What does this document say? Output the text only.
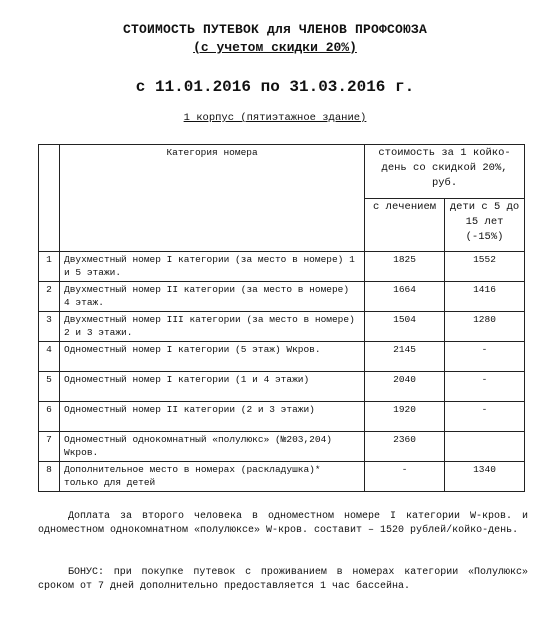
СТОИМОСТЬ ПУТЕВОК для ЧЛЕНОВ ПРОФСОЮЗА
(с учетом скидки 20%)
с 11.01.2016 по 31.03.2016 г.
1 корпус (пятиэтажное здание)
	Категория номера	стоимость за 1 койко-день со скидкой 20%, руб.	
		с лечением	дети с 5 до 15 лет (-15%)
1	Двухместный номер I категории (за место в номере) 1 и 5 этажи.	1825	1552
2	Двухместный номер II категории (за место в номере) 4 этаж.	1664	1416
3	Двухместный номер III категории (за место в номере) 2 и 3 этажи.	1504	1280
4	Одноместный номер I категории (5 этаж) Wкров.	2145	-
5	Одноместный номер I категории (1 и 4 этажи)	2040	-
6	Одноместный номер II категории (2 и 3 этажи)	1920	-
7	Одноместный однокомнатный «полулюкс» (№203,204) Wкров.	2360	
8	Дополнительное место в номерах (раскладушка)* только для детей	-	1340
Доплата за второго человека в одноместном номере I категории W-кров. и одноместном однокомнатном «полулюксе» W-кров. составит – 1520 рублей/койко-день.
БОНУС: при покупке путевок с проживанием в номерах категории «Полулюкс» сроком от 7 дней дополнительно предоставляется 1 час бассейна.
